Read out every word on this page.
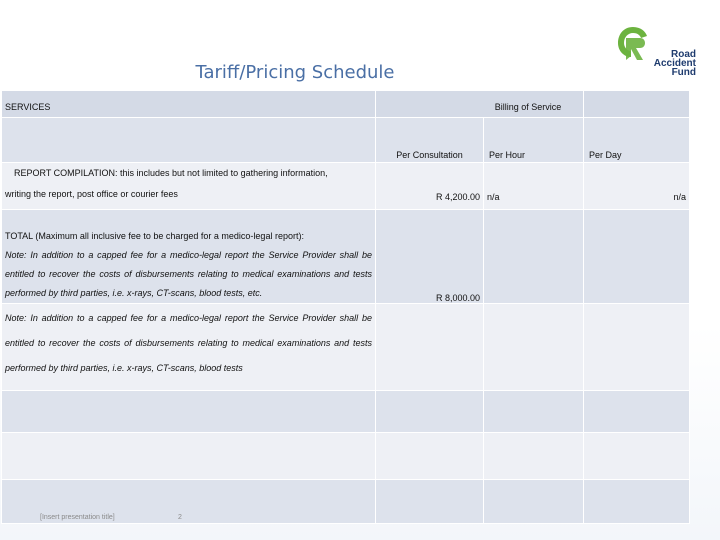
Tariff/Pricing Schedule
Road
Accident
Fund
SERVICES	Billing of Service		
	Per Consultation	Per Hour	Per Day

REPORT COMPILATION: this includes but not limited to gathering information,
writing the report, post office or courier fees	R 4,200.00	n/a	n/a

TOTAL (Maximum all inclusive fee to be charged for a medico-legal report):
Note: In addition to a capped fee for a medico-legal report the Service Provider shall be entitled to recover the costs of disbursements relating to medical examinations and tests performed by third parties, i.e. x-rays, CT-scans, blood tests, etc.	R 8,000.00		
Note: In addition to a capped fee for a medico-legal report the Service Provider shall be entitled to recover the costs of disbursements relating to medical examinations and tests performed by third parties, i.e. x-rays, CT-scans, blood tests			

[Insert presentation title]	2
